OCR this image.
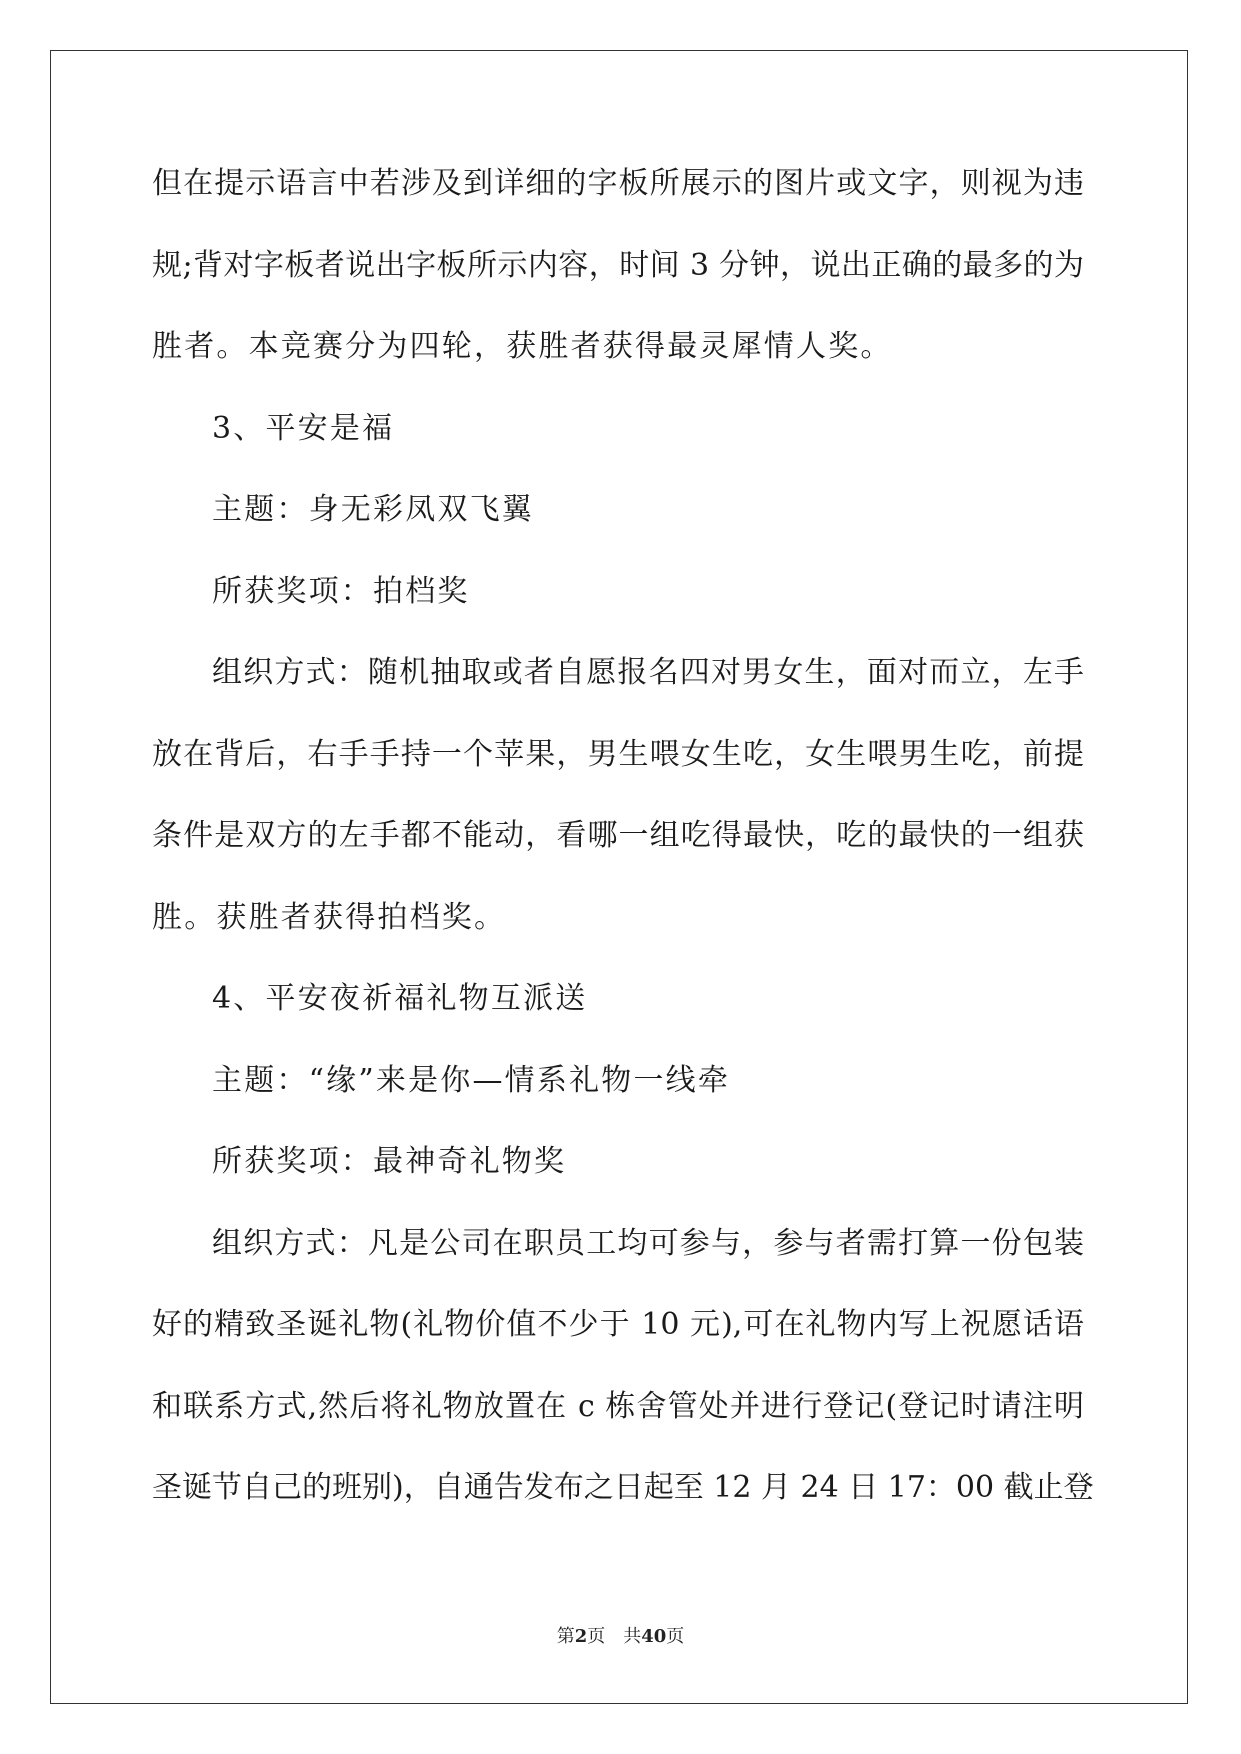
但在提示语言中若涉及到详细的字板所展示的图片或文字，则视为违
规;背对字板者说出字板所示内容，时间 3 分钟，说出正确的最多的为
胜者。本竞赛分为四轮，获胜者获得最灵犀情人奖。
3、平安是福
主题：身无彩凤双飞翼
所获奖项：拍档奖
组织方式：随机抽取或者自愿报名四对男女生，面对而立，左手
放在背后，右手手持一个苹果，男生喂女生吃，女生喂男生吃，前提
条件是双方的左手都不能动，看哪一组吃得最快，吃的最快的一组获
胜。获胜者获得拍档奖。
4、平安夜祈福礼物互派送
主题：“缘”来是你—情系礼物一线牵
所获奖项：最神奇礼物奖
组织方式：凡是公司在职员工均可参与，参与者需打算一份包装
好的精致圣诞礼物(礼物价值不少于 10 元),可在礼物内写上祝愿话语
和联系方式,然后将礼物放置在 c 栋舍管处并进行登记(登记时请注明
圣诞节自己的班别)，自通告发布之日起至 12 月 24 日 17：00 截止登
第2页 共40页
